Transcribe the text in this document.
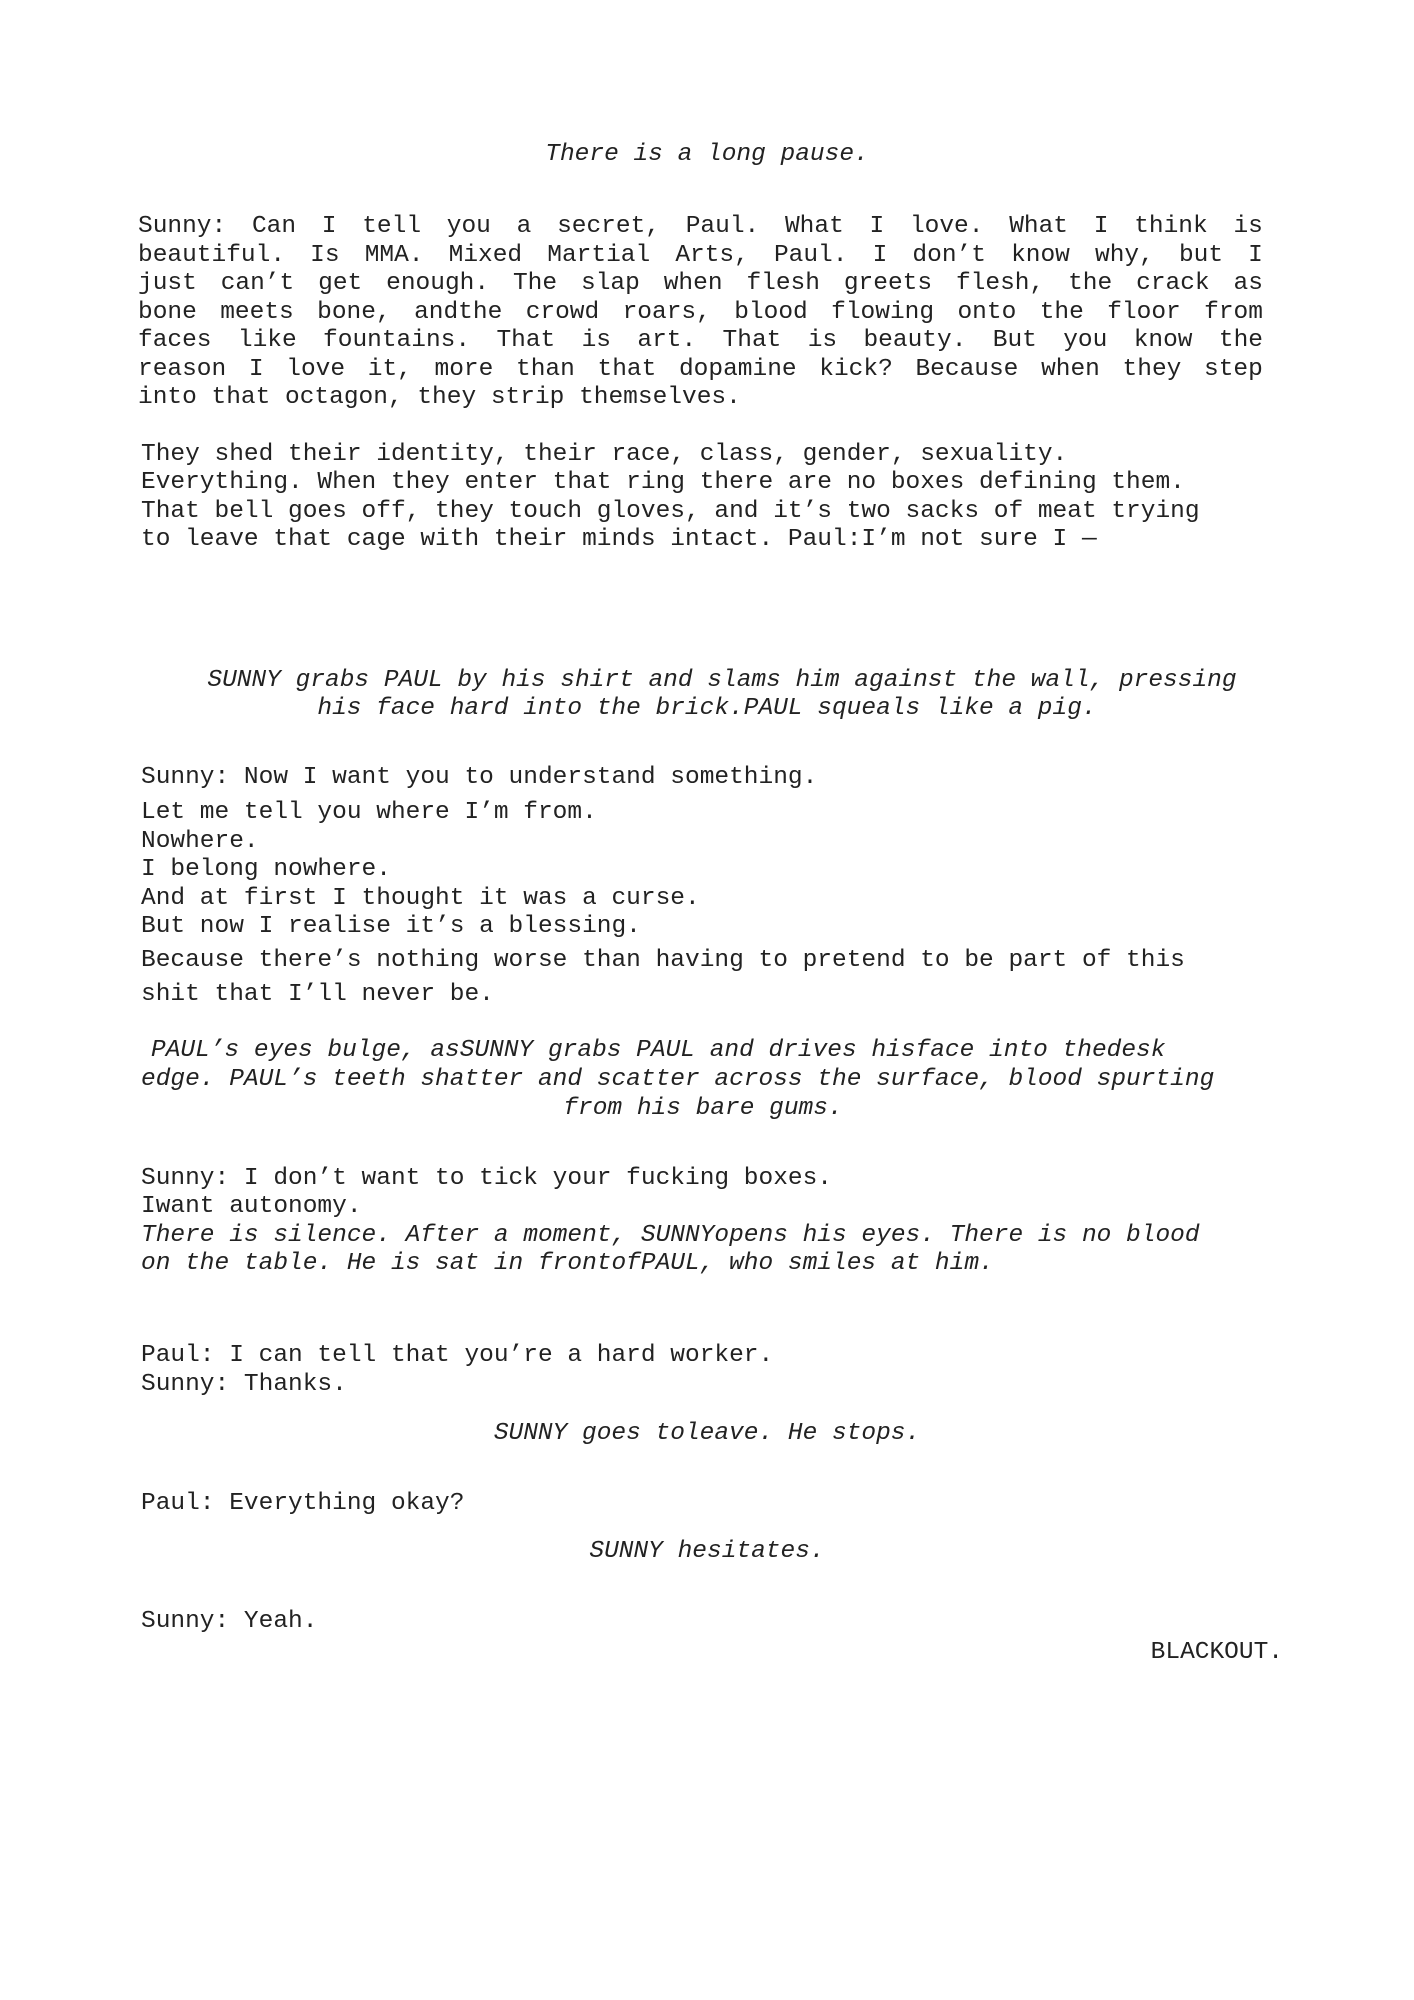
There is a long pause.

Sunny: Can I tell you a secret, Paul. What I love. What I think is
beautiful. Is MMA. Mixed Martial Arts, Paul. I don’t know why, but I
just can’t get enough. The slap when flesh greets flesh, the crack as
bone meets bone, andthe crowd roars, blood flowing onto the floor from
faces like fountains. That is art. That is beauty. But you know the
reason I love it, more than that dopamine kick? Because when they step

into that octagon, they strip themselves.

They shed their identity, their race, class, gender, sexuality.

Everything. When they enter that ring there are no boxes defining them.

That bell goes off, they touch gloves, and it’s two sacks of meat trying

to leave that cage with their minds intact. Paul:I’m not sure I —

SUNNY grabs PAUL by his shirt and slams him against the wall, pressing

his face hard into the brick.PAUL squeals like a pig.

Sunny: Now I want you to understand something.

Let me tell you where I’m from.

Nowhere.

I belong nowhere.

And at first I thought it was a curse.

But now I realise it’s a blessing.

Because there’s nothing worse than having to pretend to be part of this

shit that I’ll never be.

PAUL’s eyes bulge, asSUNNY grabs PAUL and drives hisface into thedesk

edge. PAUL’s teeth shatter and scatter across the surface, blood spurting

from his bare gums.

Sunny: I don’t want to tick your fucking boxes.

Iwant autonomy.

There is silence. After a moment, SUNNYopens his eyes. There is no blood

on the table. He is sat in frontofPAUL, who smiles at him.

Paul: I can tell that you’re a hard worker.

Sunny: Thanks.

SUNNY goes toleave. He stops.

Paul: Everything okay?

SUNNY hesitates.

Sunny: Yeah.

BLACKOUT.
